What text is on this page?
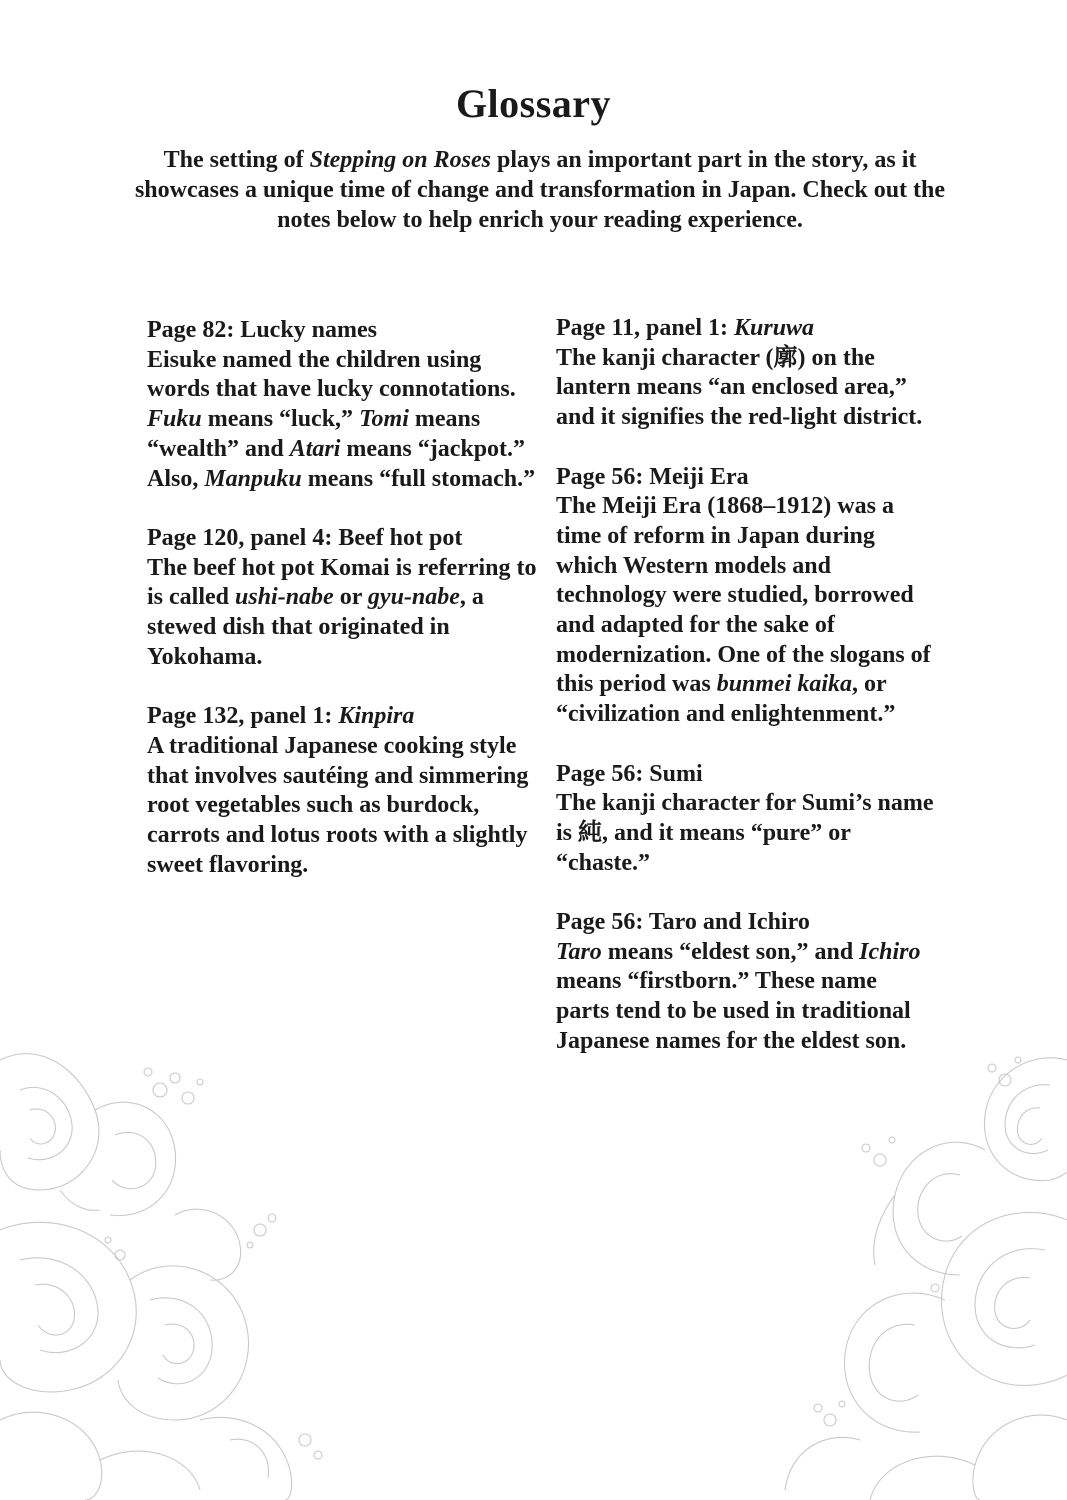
Glossary

The setting of Stepping on Roses plays an important part in the story, as it showcases a unique time of change and transformation in Japan. Check out the notes below to help enrich your reading experience.

Page 82: Lucky names
Eisuke named the children using words that have lucky connotations. Fuku means “luck,” Tomi means “wealth” and Atari means “jackpot.” Also, Manpuku means “full stomach.”
Page 120, panel 4: Beef hot pot
The beef hot pot Komai is referring to is called ushi-nabe or gyu-nabe, a stewed dish that originated in Yokohama.
Page 132, panel 1: Kinpira
A traditional Japanese cooking style that involves sautéing and simmering root vegetables such as burdock, carrots and lotus roots with a slightly sweet flavoring.
Page 11, panel 1: Kuruwa
The kanji character (廓) on the lantern means “an enclosed area,” and it signifies the red-light district.
Page 56: Meiji Era
The Meiji Era (1868–1912) was a time of reform in Japan during which Western models and technology were studied, borrowed and adapted for the sake of modernization. One of the slogans of this period was bunmei kaika, or “civilization and enlightenment.”
Page 56: Sumi
The kanji character for Sumi’s name is 純, and it means “pure” or “chaste.”
Page 56: Taro and Ichiro
Taro means “eldest son,” and Ichiro means “firstborn.” These name parts tend to be used in traditional Japanese names for the eldest son.
